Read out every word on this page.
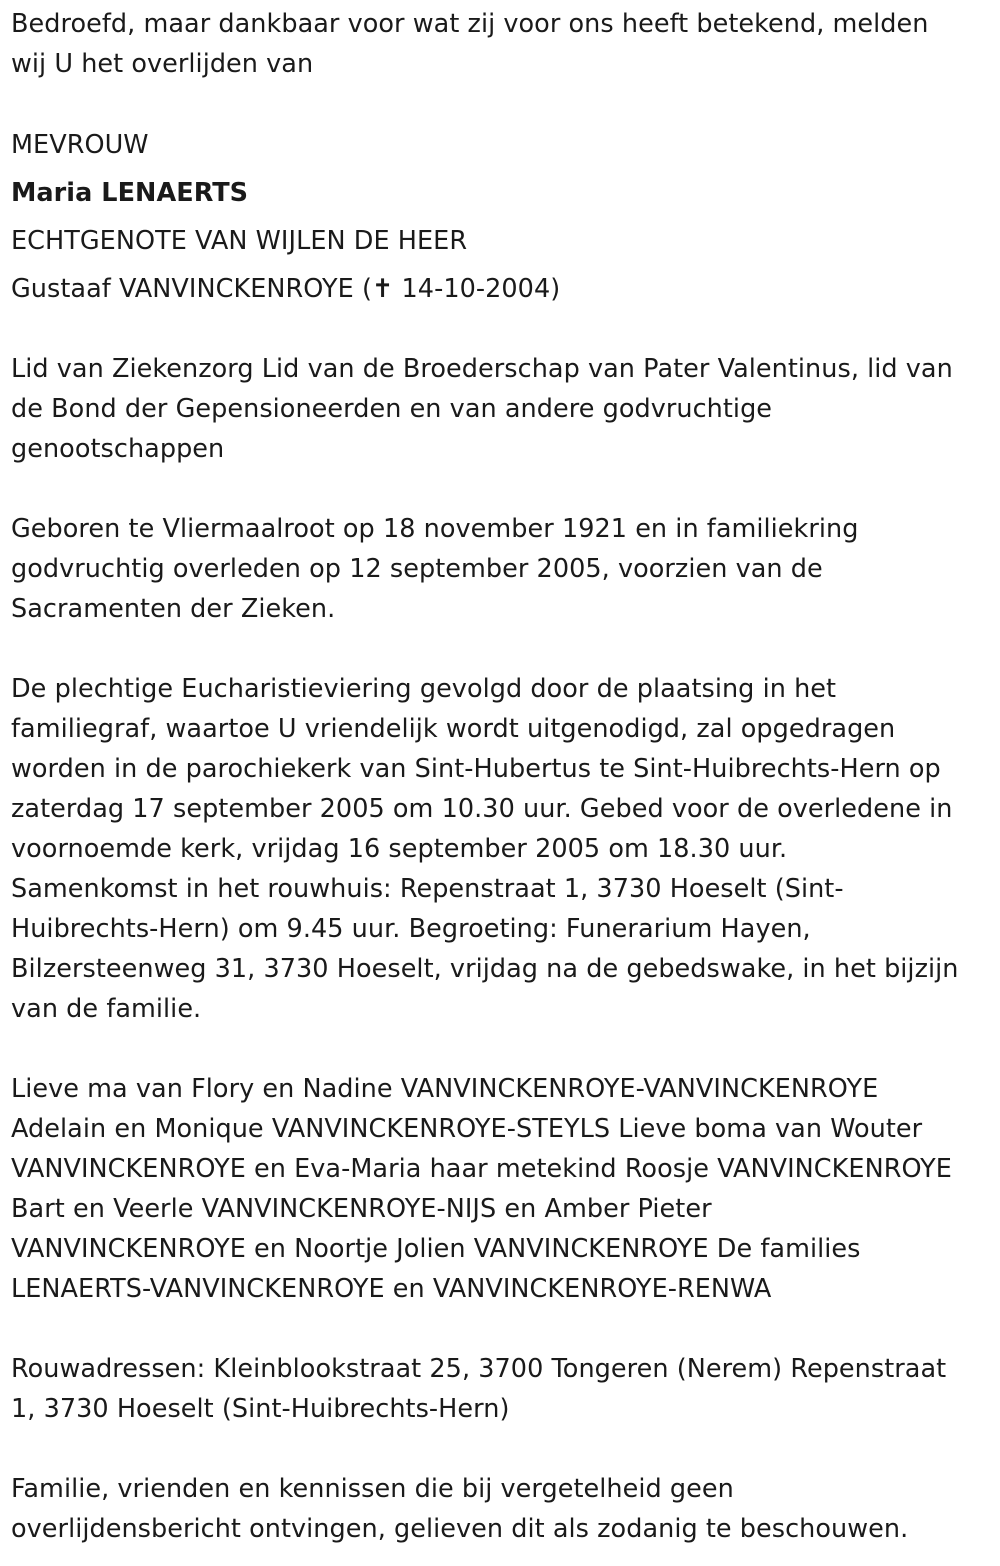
Bedroefd, maar dankbaar voor wat zij voor ons heeft betekend, melden

wij U het overlijden van

MEVROUW

Maria LENAERTS

ECHTGENOTE VAN WIJLEN DE HEER

Gustaaf VANVINCKENROYE (✝ 14-10-2004)

Lid van Ziekenzorg Lid van de Broederschap van Pater Valentinus, lid van

de Bond der Gepensioneerden en van andere godvruchtige

genootschappen

Geboren te Vliermaalroot op 18 november 1921 en in familiekring

godvruchtig overleden op 12 september 2005, voorzien van de

Sacramenten der Zieken.

De plechtige Eucharistieviering gevolgd door de plaatsing in het

familiegraf, waartoe U vriendelijk wordt uitgenodigd, zal opgedragen

worden in de parochiekerk van Sint-Hubertus te Sint-Huibrechts-Hern op

zaterdag 17 september 2005 om 10.30 uur. Gebed voor de overledene in

voornoemde kerk, vrijdag 16 september 2005 om 18.30 uur.

Samenkomst in het rouwhuis: Repenstraat 1, 3730 Hoeselt (Sint-

Huibrechts-Hern) om 9.45 uur. Begroeting: Funerarium Hayen,

Bilzersteenweg 31, 3730 Hoeselt, vrijdag na de gebedswake, in het bijzijn

van de familie.

Lieve ma van Flory en Nadine VANVINCKENROYE-VANVINCKENROYE

Adelain en Monique VANVINCKENROYE-STEYLS Lieve boma van Wouter

VANVINCKENROYE en Eva-Maria haar metekind Roosje VANVINCKENROYE

Bart en Veerle VANVINCKENROYE-NIJS en Amber Pieter

VANVINCKENROYE en Noortje Jolien VANVINCKENROYE De families

LENAERTS-VANVINCKENROYE en VANVINCKENROYE-RENWA

Rouwadressen: Kleinblookstraat 25, 3700 Tongeren (Nerem) Repenstraat

1, 3730 Hoeselt (Sint-Huibrechts-Hern)

Familie, vrienden en kennissen die bij vergetelheid geen

overlijdensbericht ontvingen, gelieven dit als zodanig te beschouwen.
